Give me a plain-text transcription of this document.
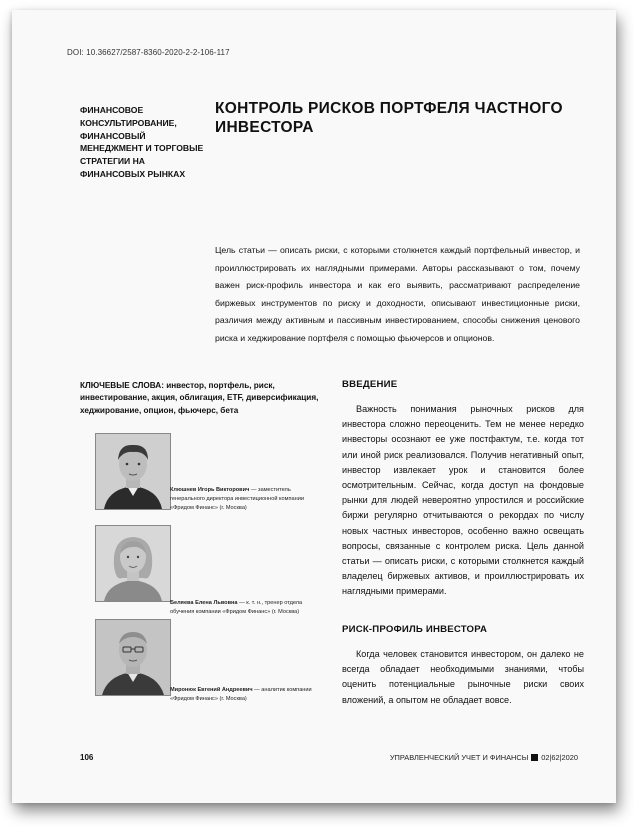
DOI: 10.36627/2587-8360-2020-2-2-106-117
ФИНАНСОВОЕ КОНСУЛЬТИРОВАНИЕ, ФИНАНСОВЫЙ МЕНЕДЖМЕНТ И ТОРГОВЫЕ СТРАТЕГИИ НА ФИНАНСОВЫХ РЫНКАХ
КОНТРОЛЬ РИСКОВ ПОРТФЕЛЯ ЧАСТНОГО ИНВЕСТОРА
Цель статьи — описать риски, с которыми столкнется каждый портфельный инвестор, и проиллюстрировать их наглядными примерами. Авторы рассказывают о том, почему важен риск-профиль инвестора и как его выявить, рассматривают распределение биржевых инструментов по риску и доходности, описывают инвестиционные риски, различия между активным и пассивным инвестированием, способы снижения ценового риска и хеджирование портфеля с помощью фьючерсов и опционов.
КЛЮЧЕВЫЕ СЛОВА: инвестор, портфель, риск, инвестирование, акция, облигация, ETF, диверсификация, хеджирование, опцион, фьючерс, бета
Клюшнев Игорь Викторович — заместитель генерального директора инвестиционной компании «Фридом Финанс» (г. Москва)
Беляева Елена Львовна — к. т. н., тренер отдела обучения компании «Фридом Финанс» (г. Москва)
Миронюк Евгений Андреевич — аналитик компании «Фридом Финанс» (г. Москва)
ВВЕДЕНИЕ
Важность понимания рыночных рисков для инвестора сложно переоценить. Тем не менее нередко инвесторы осознают ее уже постфактум, т.е. когда тот или иной риск реализовался. Получив негативный опыт, инвестор извлекает урок и становится более осмотрительным. Сейчас, когда доступ на фондовые рынки для людей невероятно упростился и российские биржи регулярно отчитываются о рекордах по числу новых частных инвесторов, особенно важно освещать вопросы, связанные с контролем риска. Цель данной статьи — описать риски, с которыми столкнется каждый владелец биржевых активов, и проиллюстрировать их наглядными примерами.
РИСК-ПРОФИЛЬ ИНВЕСТОРА
Когда человек становится инвестором, он далеко не всегда обладает необходимыми знаниями, чтобы оценить потенциальные рыночные риски своих вложений, а опытом не обладает вовсе.
106	УПРАВЛЕНЧЕСКИЙ УЧЕТ И ФИНАНСЫ 02|62|2020
